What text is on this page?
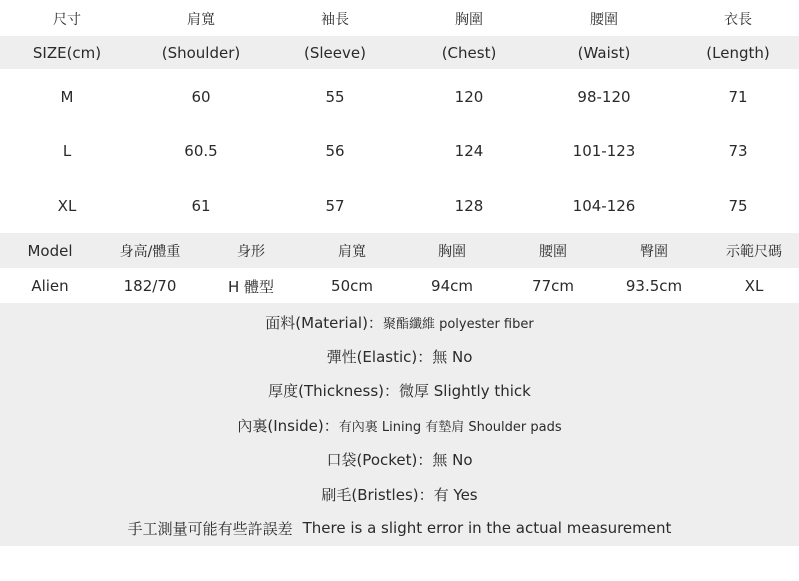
尺寸	肩寬	袖長	胸圍	腰圍	衣長
SIZE(cm)	(Shoulder)	(Sleeve)	(Chest)	(Waist)	(Length)
M	60	55	120	98-120	71
L	60.5	56	124	101-123	73
XL	61	57	128	104-126	75
Model	身高/體重	身形	肩寬	胸圍	腰圍	臀圍	示範尺碼
Alien	182/70	H 體型	50cm	94cm	77cm	93.5cm	XL
面料(Material)： 聚酯纖維 polyester fiber
彈性(Elastic)： 無 No
厚度(Thickness)： 微厚 Slightly thick
內裏(Inside)： 有內裏 Lining 有墊肩 Shoulder pads
口袋(Pocket)： 無 No
刷毛(Bristles)： 有 Yes
手工測量可能有些許誤差 There is a slight error in the actual measurement
